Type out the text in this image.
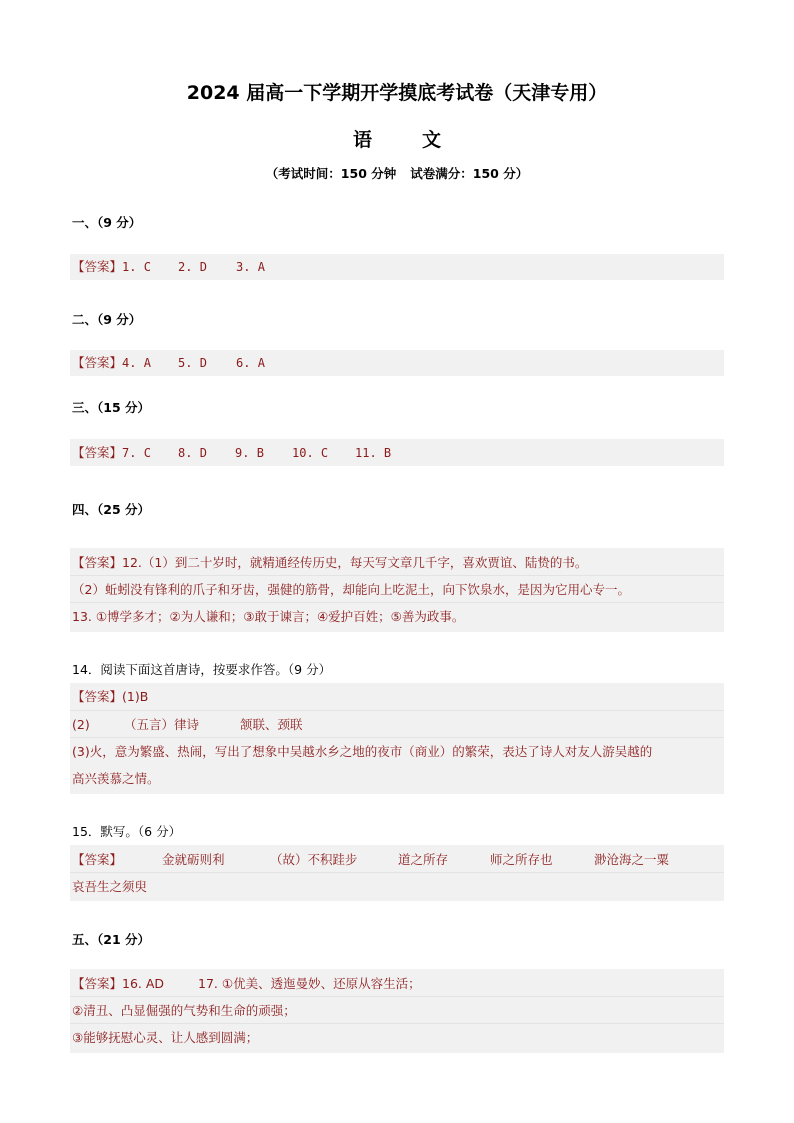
2024 届高一下学期开学摸底考试卷（天津专用）
语	文
（考试时间：150 分钟 试卷满分：150 分）
一、（9 分）
【答案】1. C 2. D 3. A
二、（9 分）
【答案】4. A 5. D 6. A
三、（15 分）
【答案】7. C 8. D 9. B 10. C 11. B
四、（25 分）
【答案】12.（1）到二十岁时，就精通经传历史，每天写文章几千字，喜欢贾谊、陆贽的书。
（2）蚯蚓没有锋利的爪子和牙齿，强健的筋骨，却能向上吃泥土，向下饮泉水，是因为它用心专一。
13. ①博学多才；②为人谦和；③敢于谏言；④爱护百姓；⑤善为政事。
14．阅读下面这首唐诗，按要求作答。（9 分）
【答案】(1)B
(2)	（五言）律诗	颔联、颈联
(3)火，意为繁盛、热闹，写出了想象中吴越水乡之地的夜市（商业）的繁荣，表达了诗人对友人游吴越的
高兴羡慕之情。
15．默写。（6 分）
【答案】	金就砺则利	（故）不积跬步	道之所存	师之所存也	渺沧海之一粟
哀吾生之须臾
五、（21 分）
【答案】16. AD	17. ①优美、透迤曼妙、还原从容生活；
②清丑、凸显倔强的气势和生命的顽强；
③能够抚慰心灵、让人感到圆满；
